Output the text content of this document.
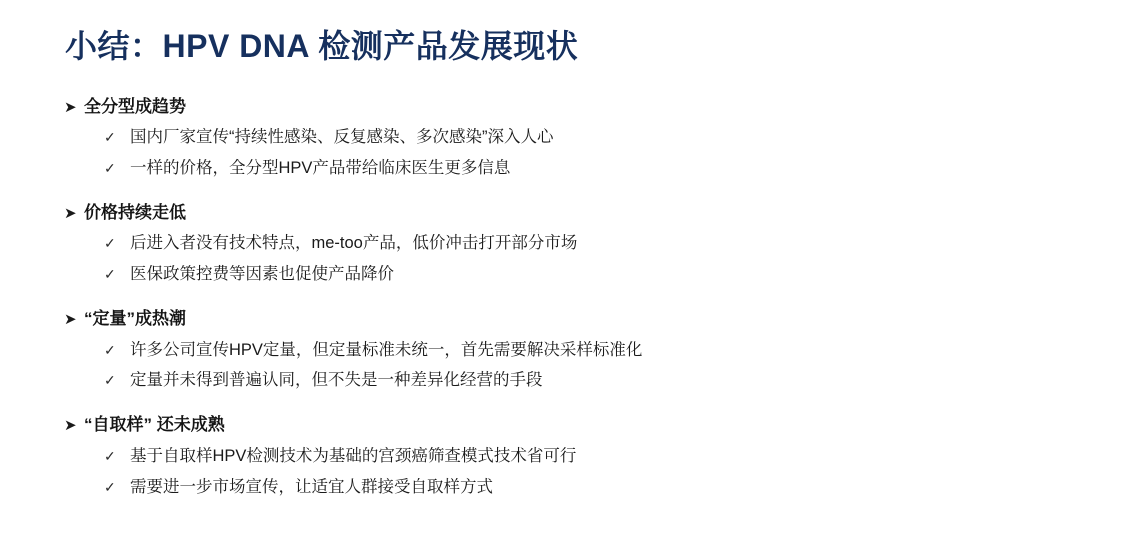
小结：HPV DNA 检测产品发展现状
➤ 全分型成趋势
✓ 国内厂家宣传“持续性感染、反复感染、多次感染”深入人心
✓ 一样的价格，全分型HPV产品带给临床医生更多信息
➤ 价格持续走低
✓ 后进入者没有技术特点，me-too产品，低价冲击打开部分市场
✓ 医保政策控费等因素也促使产品降价
➤ “定量”成热潮
✓ 许多公司宣传HPV定量，但定量标准未统一，首先需要解决采样标准化
✓ 定量并未得到普遍认同，但不失是一种差异化经营的手段
➤ “自取样” 还未成熟
✓ 基于自取样HPV检测技术为基础的宫颈癌筛查模式技术省可行
✓ 需要进一步市场宣传，让适宜人群接受自取样方式
